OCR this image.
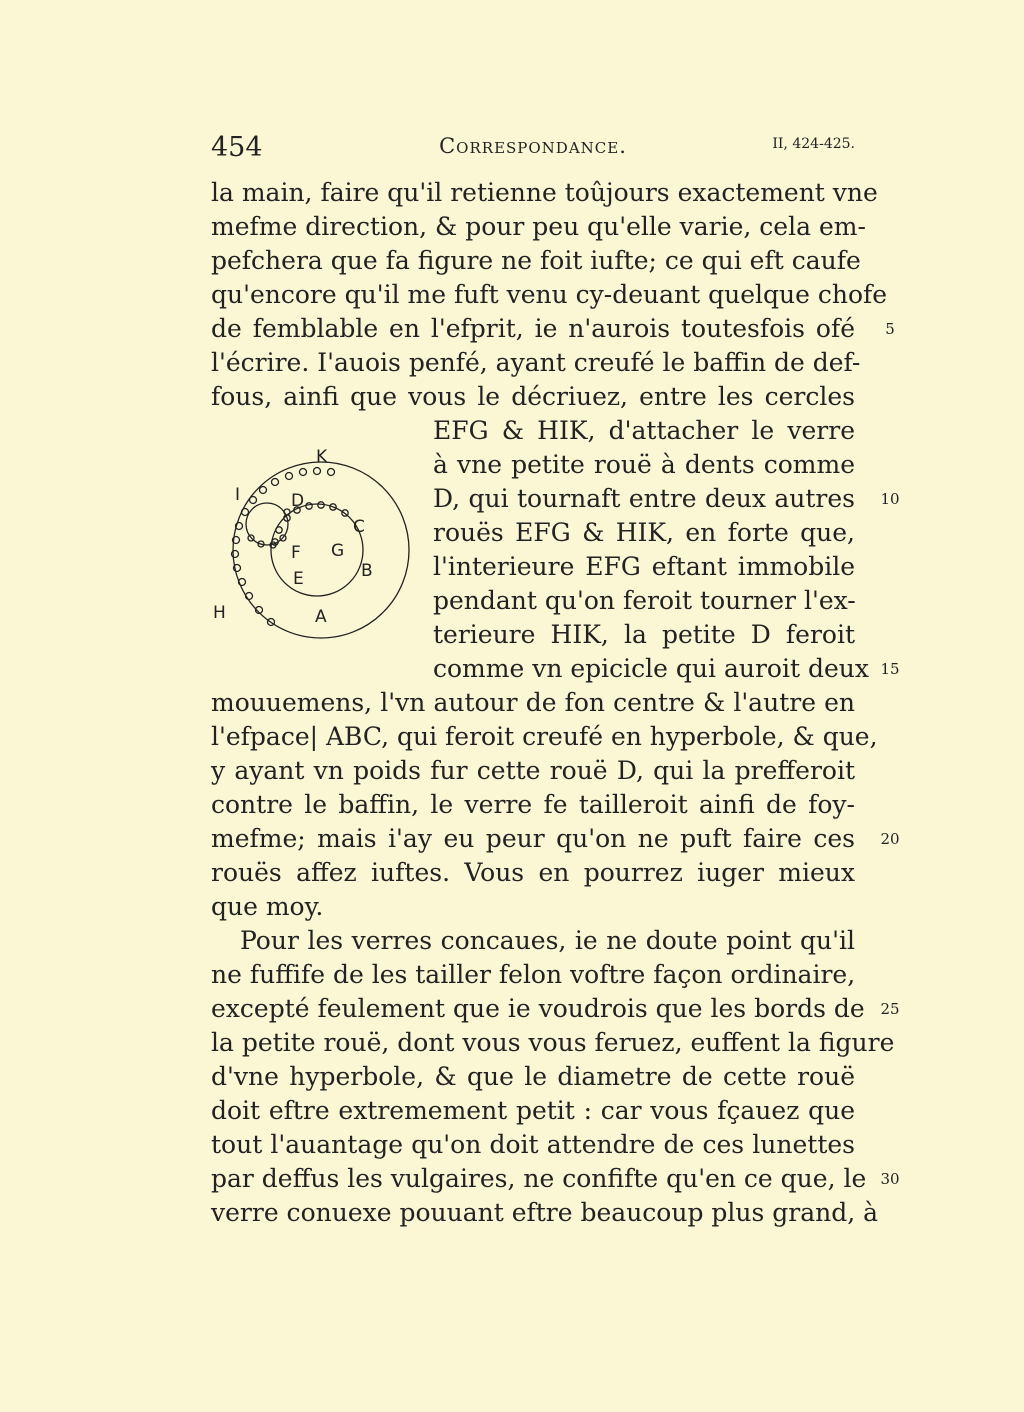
454	Correspondance.	II, 424-425.
la main, faire qu'il retienne toûjours exactement vne
mefme direction, & pour peu qu'elle varie, cela em-
pefchera que fa figure ne foit iufte; ce qui eft caufe
qu'encore qu'il me fuft venu cy-deuant quelque chofe
de femblable en l'efprit, ie n'aurois toutesfois ofé
l'écrire. I'auois penfé, ayant creufé le baffin de def-
fous, ainfi que vous le décriuez, entre les cercles
EFG & HIK, d'attacher le verre
à vne petite rouë à dents comme
D, qui tournaft entre deux autres
rouës EFG & HIK, en forte que,
l'interieure EFG eftant immobile
pendant qu'on feroit tourner l'ex-
terieure HIK, la petite D feroit
comme vn epicicle qui auroit deux
mouuemens, l'vn autour de fon centre & l'autre en
l'efpace| ABC, qui feroit creufé en hyperbole, & que,
y ayant vn poids fur cette rouë D, qui la prefferoit
contre le baffin, le verre fe tailleroit ainfi de foy-
mefme; mais i'ay eu peur qu'on ne puft faire ces
rouës affez iuftes. Vous en pourrez iuger mieux
que moy.
Pour les verres concaues, ie ne doute point qu'il
ne fuffife de les tailler felon voftre façon ordinaire,
excepté feulement que ie voudrois que les bords de
la petite rouë, dont vous vous feruez, euffent la figure
d'vne hyperbole, & que le diametre de cette rouë
doit eftre extremement petit : car vous fçauez que
tout l'auantage qu'on doit attendre de ces lunettes
par deffus les vulgaires, ne confifte qu'en ce que, le
verre conuexe pouuant eftre beaucoup plus grand, à
5
10
15
20
25
30
K
I	D
C
F G
E	B
H	A
